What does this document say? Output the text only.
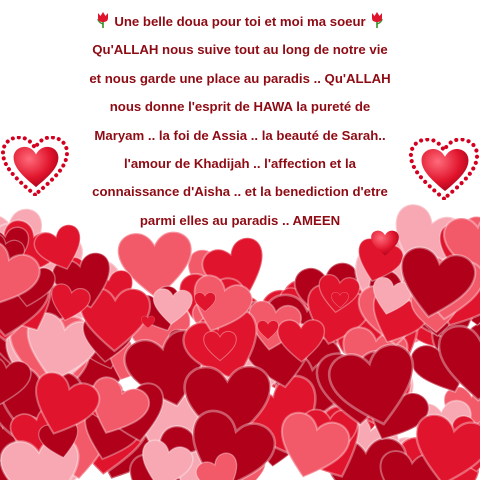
Une belle doua pour toi et moi ma soeur
Qu'ALLAH nous suive tout au long de notre vie
et nous garde une place au paradis .. Qu'ALLAH
nous donne l'esprit de HAWA la pureté de
Maryam .. la foi de Assia .. la beauté de Sarah..
l'amour de Khadijah .. l'affection et la
connaissance d'Aisha .. et la benediction d'etre
parmi elles au paradis .. AMEEN
